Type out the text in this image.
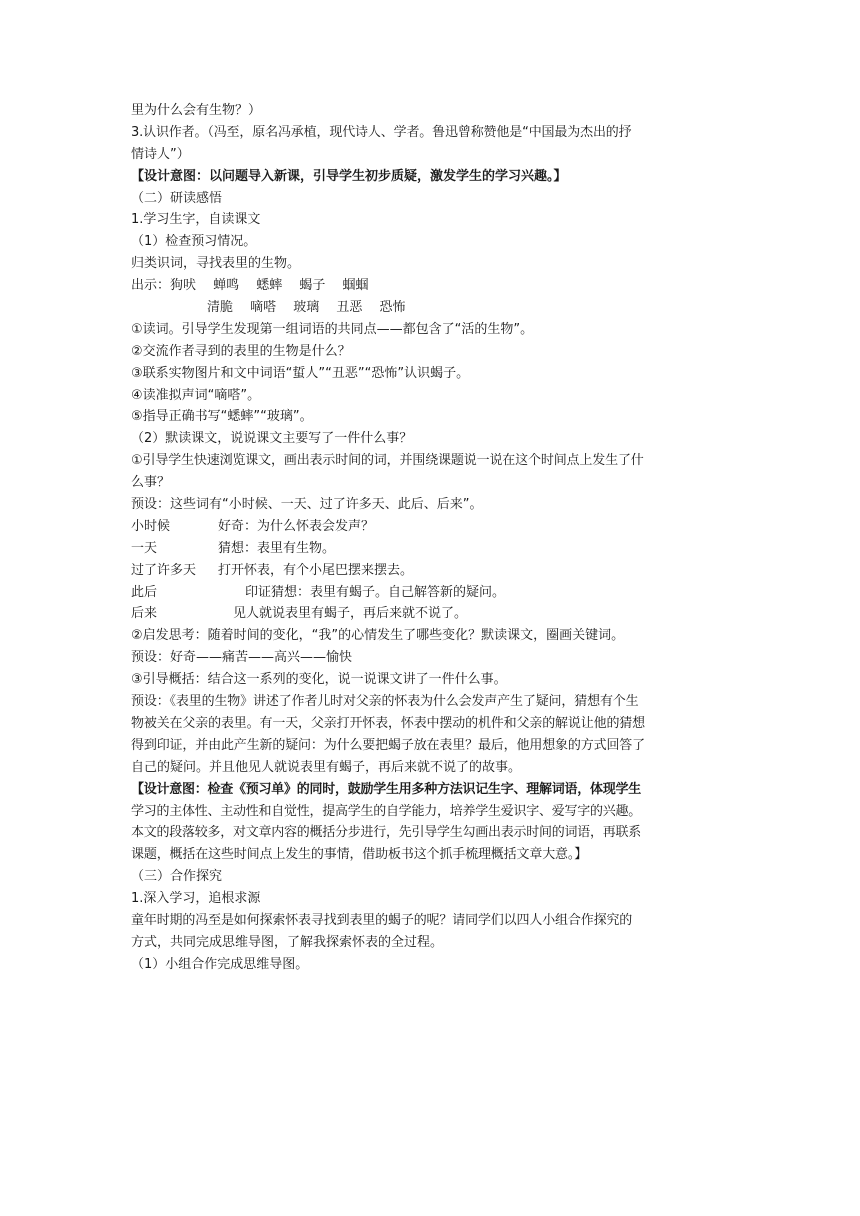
里为什么会有生物？）
3.认识作者。（冯至，原名冯承植，现代诗人、学者。鲁迅曾称赞他是“中国最为杰出的抒
情诗人”）
【设计意图：以问题导入新课，引导学生初步质疑，激发学生的学习兴趣。】
（二）研读感悟
1.学习生字，自读课文
（1）检查预习情况。
归类识词，寻找表里的生物。
出示：狗吠　 蝉鸣　 蟋蟀　 蝎子　 蝈蝈
清脆　 嘀嗒　 玻璃　 丑恶　 恐怖
①读词。引导学生发现第一组词语的共同点——都包含了“活的生物”。
②交流作者寻到的表里的生物是什么？
③联系实物图片和文中词语“蜇人”“丑恶”“恐怖”认识蝎子。
④读准拟声词“嘀嗒”。
⑤指导正确书写“蟋蟀”“玻璃”。
（2）默读课文，说说课文主要写了一件什么事？
①引导学生快速浏览课文，画出表示时间的词，并围绕课题说一说在这个时间点上发生了什
么事？
预设：这些词有“小时候、一天、过了许多天、此后、后来”。
小时候	好奇：为什么怀表会发声？
一天	猜想：表里有生物。
过了许多天	打开怀表，有个小尾巴摆来摆去。
此后	印证猜想：表里有蝎子。自己解答新的疑问。
后来	见人就说表里有蝎子，再后来就不说了。
②启发思考：随着时间的变化，“我”的心情发生了哪些变化？默读课文，圈画关键词。
预设：好奇——痛苦——高兴——愉快
③引导概括：结合这一系列的变化，说一说课文讲了一件什么事。
预设：《表里的生物》讲述了作者儿时对父亲的怀表为什么会发声产生了疑问，猜想有个生
物被关在父亲的表里。有一天，父亲打开怀表，怀表中摆动的机件和父亲的解说让他的猜想
得到印证，并由此产生新的疑问：为什么要把蝎子放在表里？最后，他用想象的方式回答了
自己的疑问。并且他见人就说表里有蝎子，再后来就不说了的故事。
【设计意图：检查《预习单》的同时，鼓励学生用多种方法识记生字、理解词语，体现学生
学习的主体性、主动性和自觉性，提高学生的自学能力，培养学生爱识字、爱写字的兴趣。
本文的段落较多，对文章内容的概括分步进行，先引导学生勾画出表示时间的词语，再联系
课题，概括在这些时间点上发生的事情，借助板书这个抓手梳理概括文章大意。】
（三）合作探究
1.深入学习，追根求源
童年时期的冯至是如何探索怀表寻找到表里的蝎子的呢？请同学们以四人小组合作探究的
方式，共同完成思维导图，了解我探索怀表的全过程。
（1）小组合作完成思维导图。
